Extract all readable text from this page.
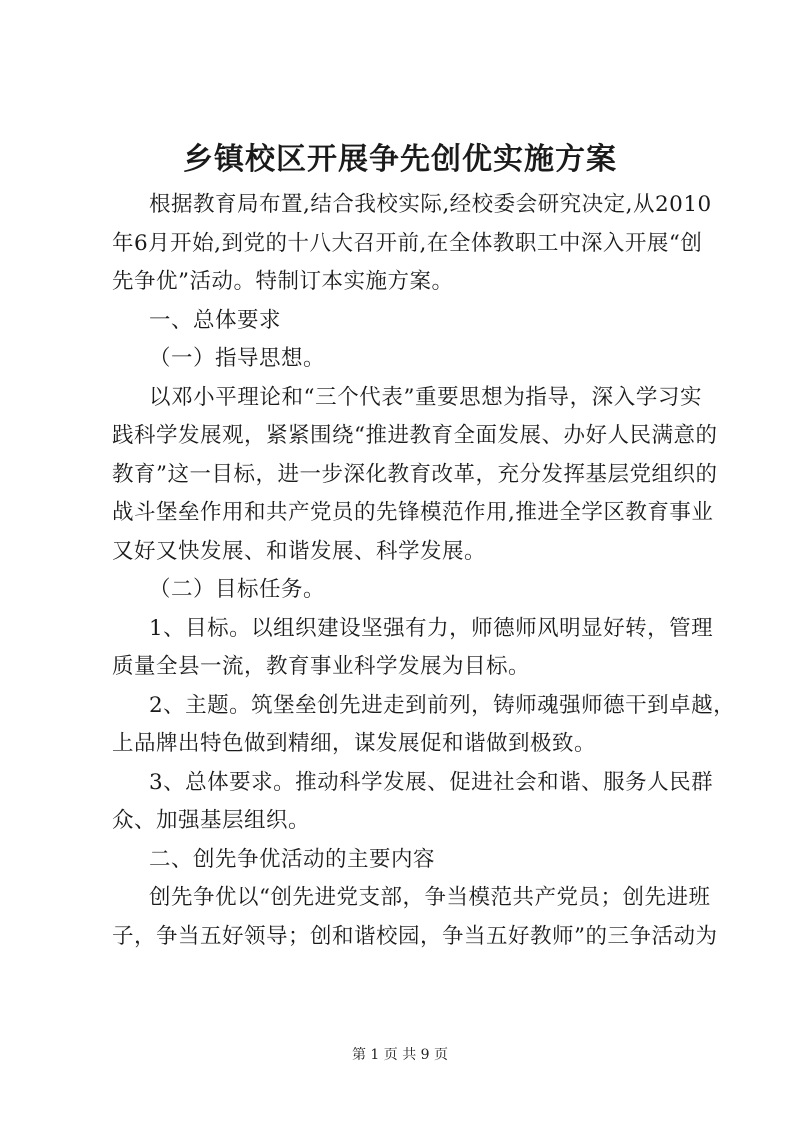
乡镇校区开展争先创优实施方案
根据教育局布置,结合我校实际,经校委会研究决定,从2010
年6月开始,到党的十八大召开前,在全体教职工中深入开展“创
先争优”活动。特制订本实施方案。
一、总体要求
（一）指导思想。
以邓小平理论和“三个代表”重要思想为指导，深入学习实
践科学发展观，紧紧围绕“推进教育全面发展、办好人民满意的
教育”这一目标，进一步深化教育改革，充分发挥基层党组织的
战斗堡垒作用和共产党员的先锋模范作用,推进全学区教育事业
又好又快发展、和谐发展、科学发展。
（二）目标任务。
1、目标。以组织建设坚强有力，师德师风明显好转，管理
质量全县一流，教育事业科学发展为目标。
2、主题。筑堡垒创先进走到前列，铸师魂强师德干到卓越，
上品牌出特色做到精细，谋发展促和谐做到极致。
3、总体要求。推动科学发展、促进社会和谐、服务人民群
众、加强基层组织。
二、创先争优活动的主要内容
创先争优以“创先进党支部，争当模范共产党员；创先进班
子，争当五好领导；创和谐校园，争当五好教师”的三争活动为
第 1 页 共 9 页
